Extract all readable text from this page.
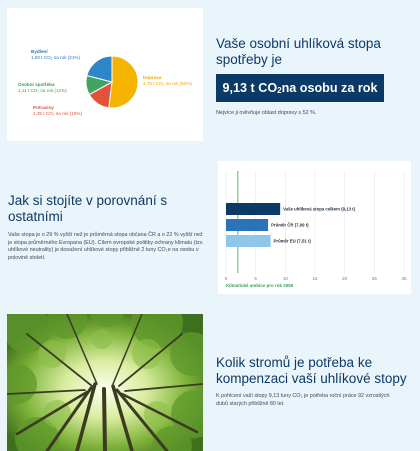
Bydlení
1,92 t CO₂ na rok (21%)
Osobní spotřeba
1,11 t CO₂ na rok (12%)
Potraviny
1,35 t CO₂ na rok (15%)
Doprava
4,75 t CO₂ na rok (52%)
Vaše osobní uhlíková stopa spotřeby je
9,13 t $CO_2$ na osobu za rok
Nejvíce ji ovlivňuje oblast dopravy s 52 %.
Jak si stojíte v porovnání s ostatními
Vaše stopa je o 29 % vyšší než je průměrná stopa občana ČR a o 22 % vyšší než je stopa průměrného Evropana (EU). Cílem evropské politiky ochrany klimatu (tzv. uhlíkové neutrality) je dosažení uhlíkové stopy přibližně 2 tuny CO₂e na osobu v polovině století.
0	5	10	15	20	25	30
Klimatické ambice pro rok 2050
Vaše uhlíková stopa celkem (9,13 t)
Průměr ČR (7,09 t)
Průměr EU (7,51 t)
Kolik stromů je potřeba ke kompenzaci vaší uhlíkové stopy
K pohlcení vaší stopy 9,13 tuny CO₂ je potřeba roční práce 92 vzrostlých dubů starých přibližně 80 let.
